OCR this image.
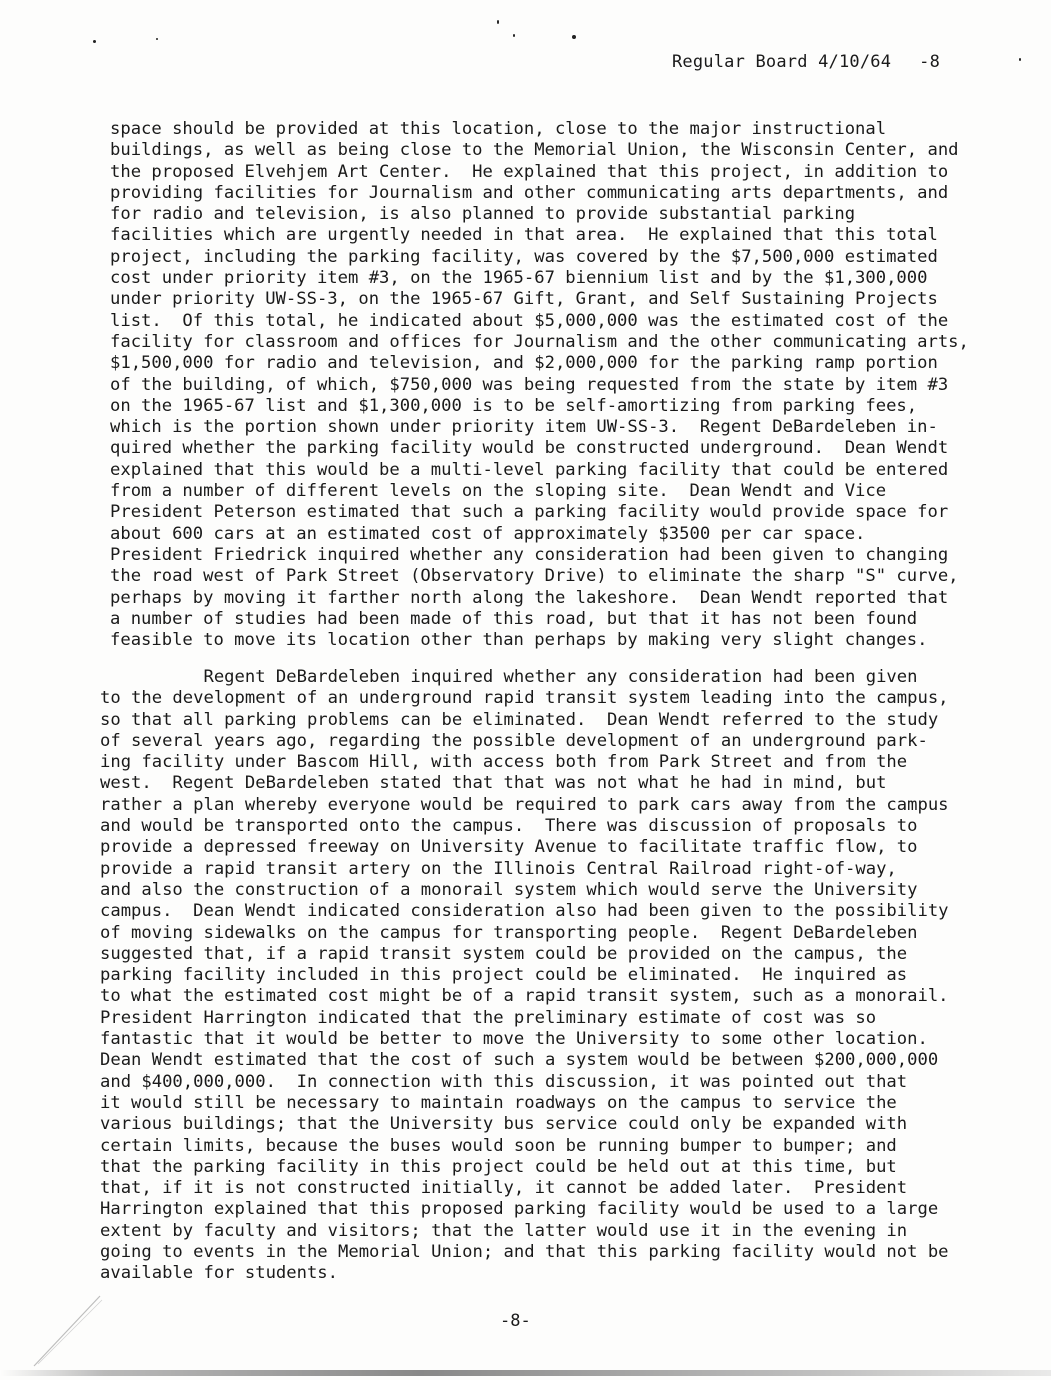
Regular Board 4/10/64 -8
space should be provided at this location, close to the major instructional
buildings, as well as being close to the Memorial Union, the Wisconsin Center, and
the proposed Elvehjem Art Center.  He explained that this project, in addition to
providing facilities for Journalism and other communicating arts departments, and
for radio and television, is also planned to provide substantial parking
facilities which are urgently needed in that area.  He explained that this total
project, including the parking facility, was covered by the $7,500,000 estimated
cost under priority item #3, on the 1965-67 biennium list and by the $1,300,000
under priority UW-SS-3, on the 1965-67 Gift, Grant, and Self Sustaining Projects
list.  Of this total, he indicated about $5,000,000 was the estimated cost of the
facility for classroom and offices for Journalism and the other communicating arts,
$1,500,000 for radio and television, and $2,000,000 for the parking ramp portion
of the building, of which, $750,000 was being requested from the state by item #3
on the 1965-67 list and $1,300,000 is to be self-amortizing from parking fees,
which is the portion shown under priority item UW-SS-3.  Regent DeBardeleben in-
quired whether the parking facility would be constructed underground.  Dean Wendt
explained that this would be a multi-level parking facility that could be entered
from a number of different levels on the sloping site.  Dean Wendt and Vice
President Peterson estimated that such a parking facility would provide space for
about 600 cars at an estimated cost of approximately $3500 per car space.
President Friedrick inquired whether any consideration had been given to changing
the road west of Park Street (Observatory Drive) to eliminate the sharp "S" curve,
perhaps by moving it farther north along the lakeshore.  Dean Wendt reported that
a number of studies had been made of this road, but that it has not been found
feasible to move its location other than perhaps by making very slight changes.
Regent DeBardeleben inquired whether any consideration had been given
to the development of an underground rapid transit system leading into the campus,
so that all parking problems can be eliminated.  Dean Wendt referred to the study
of several years ago, regarding the possible development of an underground park-
ing facility under Bascom Hill, with access both from Park Street and from the
west.  Regent DeBardeleben stated that that was not what he had in mind, but
rather a plan whereby everyone would be required to park cars away from the campus
and would be transported onto the campus.  There was discussion of proposals to
provide a depressed freeway on University Avenue to facilitate traffic flow, to
provide a rapid transit artery on the Illinois Central Railroad right-of-way,
and also the construction of a monorail system which would serve the University
campus.  Dean Wendt indicated consideration also had been given to the possibility
of moving sidewalks on the campus for transporting people.  Regent DeBardeleben
suggested that, if a rapid transit system could be provided on the campus, the
parking facility included in this project could be eliminated.  He inquired as
to what the estimated cost might be of a rapid transit system, such as a monorail.
President Harrington indicated that the preliminary estimate of cost was so
fantastic that it would be better to move the University to some other location.
Dean Wendt estimated that the cost of such a system would be between $200,000,000
and $400,000,000.  In connection with this discussion, it was pointed out that
it would still be necessary to maintain roadways on the campus to service the
various buildings; that the University bus service could only be expanded with
certain limits, because the buses would soon be running bumper to bumper; and
that the parking facility in this project could be held out at this time, but
that, if it is not constructed initially, it cannot be added later.  President
Harrington explained that this proposed parking facility would be used to a large
extent by faculty and visitors; that the latter would use it in the evening in
going to events in the Memorial Union; and that this parking facility would not be
available for students.
-8-
